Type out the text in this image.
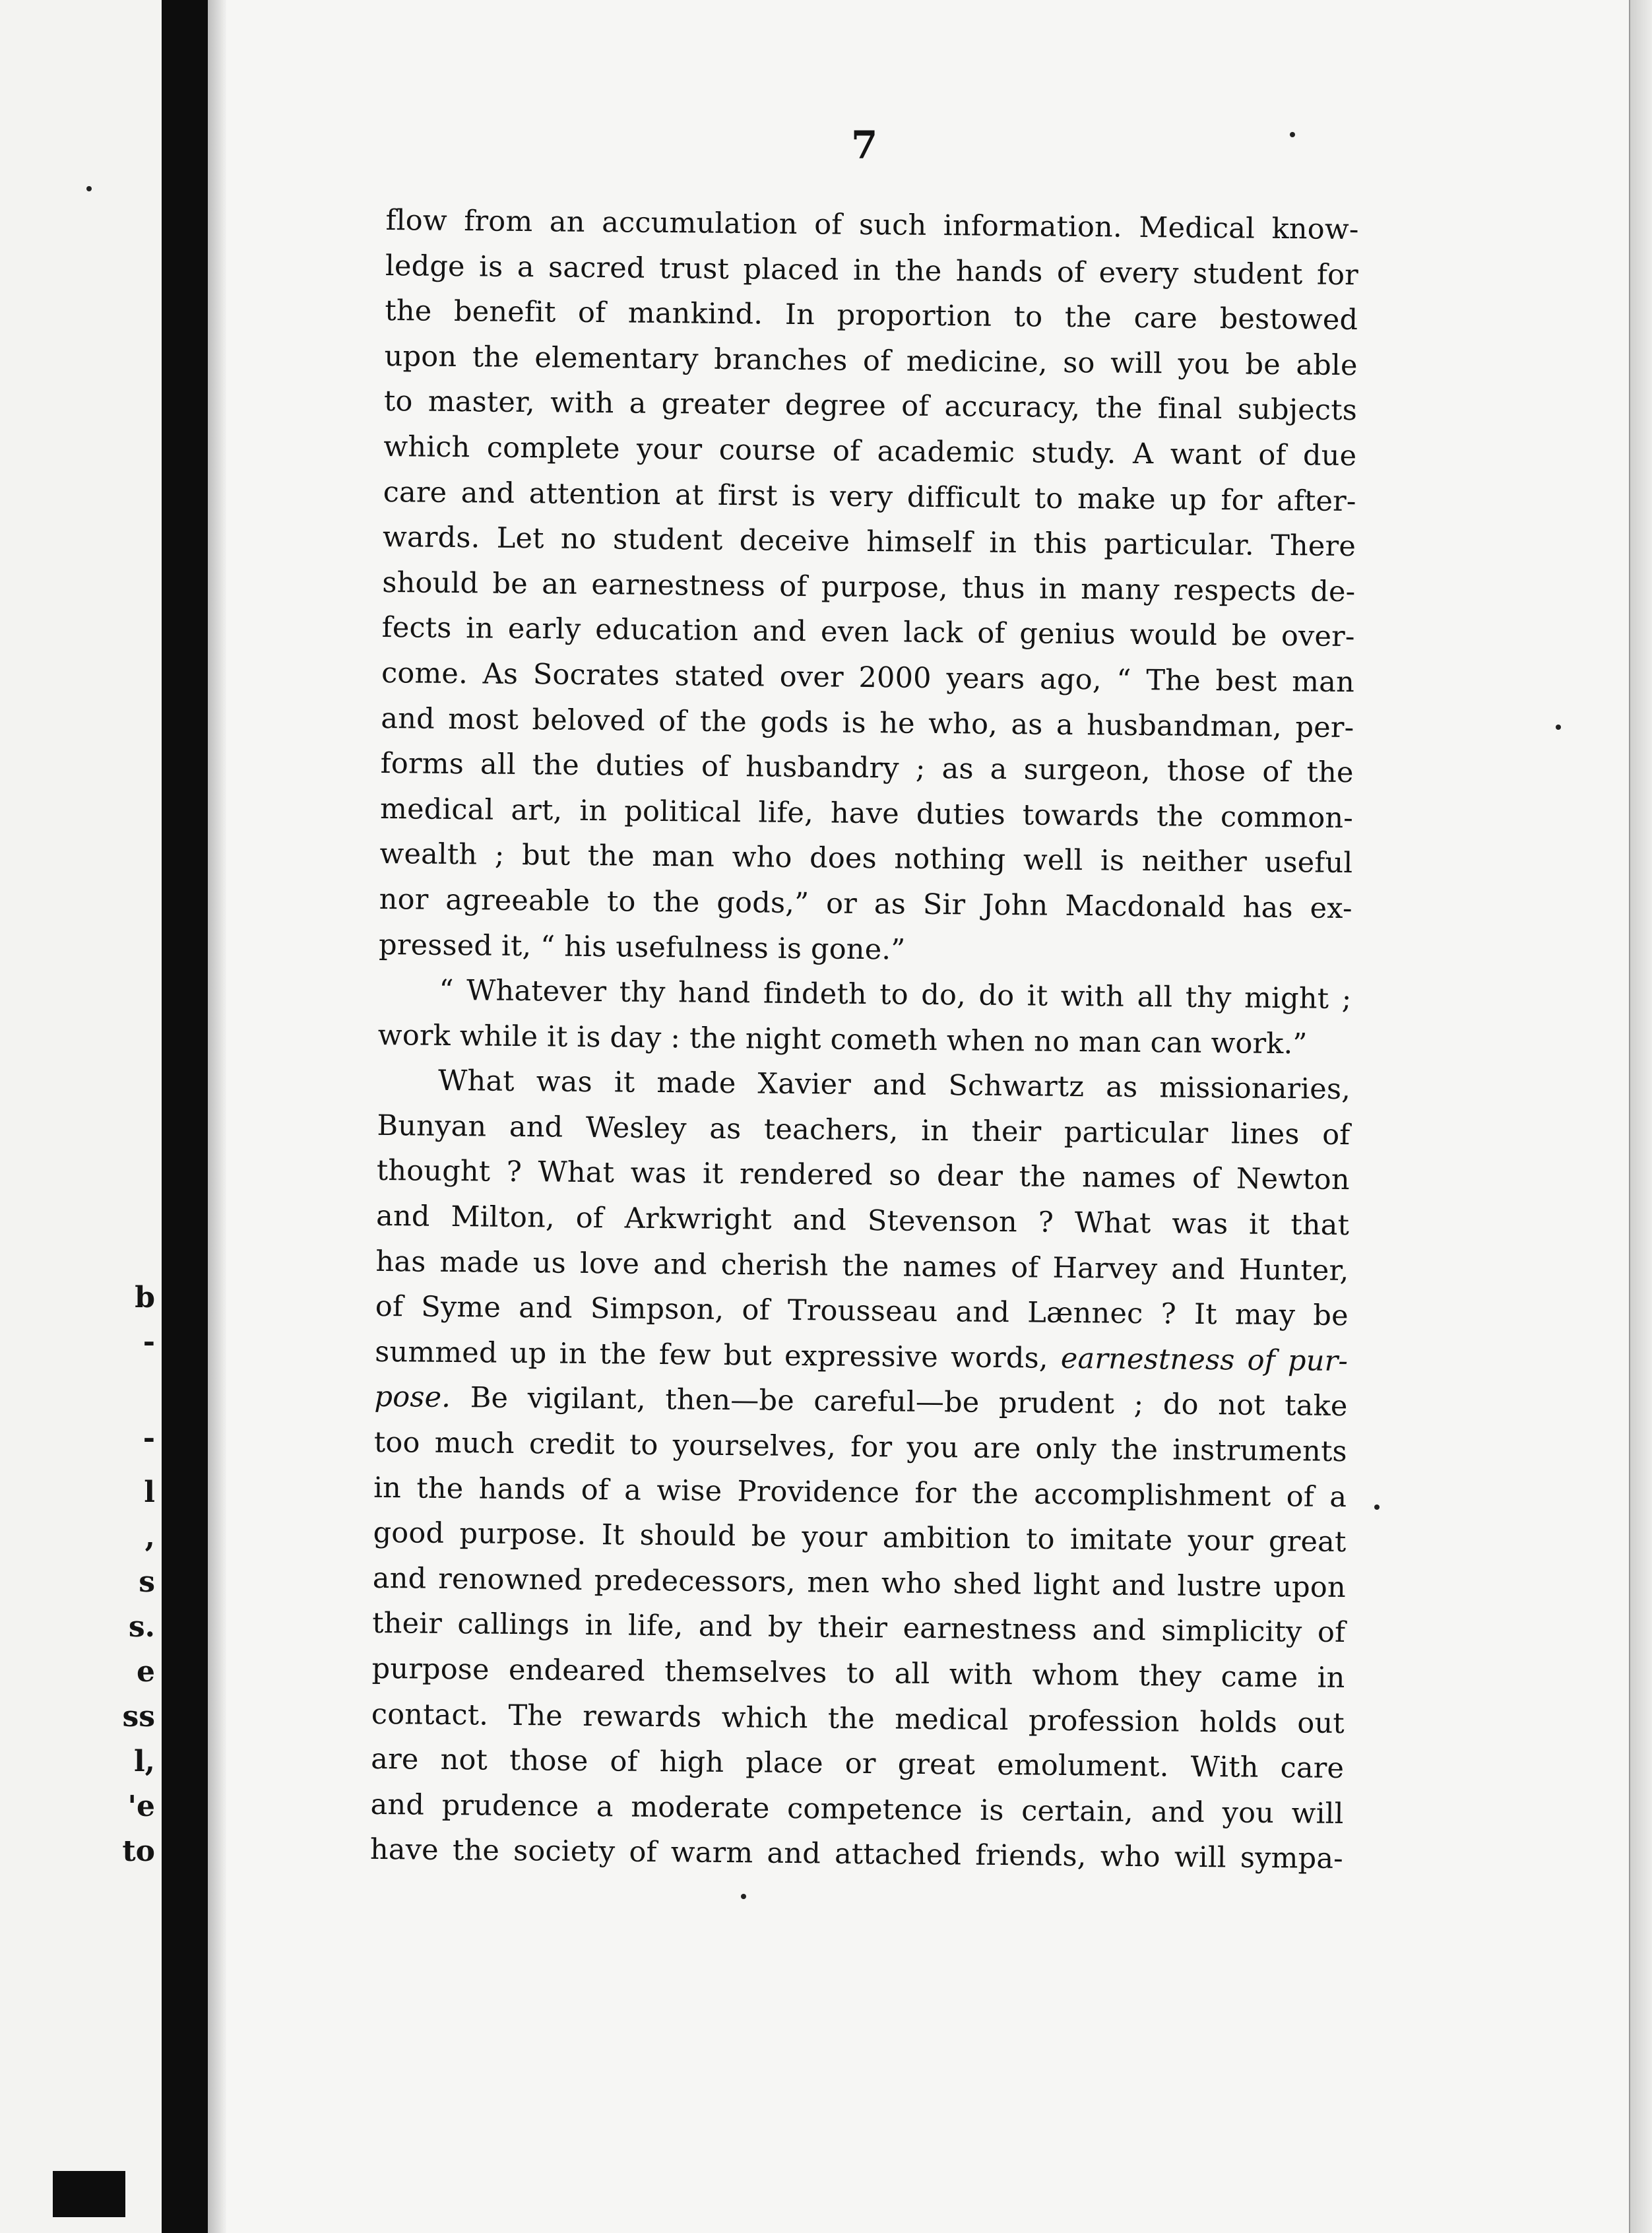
b
-
-
l
,
s
s.
e
ss
l,
'e
to
7
flow from an accumulation of such information. Medical know-
ledge is a sacred trust placed in the hands of every student for
the benefit of mankind. In proportion to the care bestowed
upon the elementary branches of medicine, so will you be able
to master, with a greater degree of accuracy, the final subjects
which complete your course of academic study. A want of due
care and attention at first is very difficult to make up for after-
wards. Let no student deceive himself in this particular. There
should be an earnestness of purpose, thus in many respects de-
fects in early education and even lack of genius would be over-
come. As Socrates stated over 2000 years ago, “ The best man
and most beloved of the gods is he who, as a husbandman, per-
forms all the duties of husbandry ; as a surgeon, those of the
medical art, in political life, have duties towards the common-
wealth ; but the man who does nothing well is neither useful
nor agreeable to the gods,” or as Sir John Macdonald has ex-
pressed it, “ his usefulness is gone.”
“ Whatever thy hand findeth to do, do it with all thy might ;
work while it is day : the night cometh when no man can work.”
What was it made Xavier and Schwartz as missionaries,
Bunyan and Wesley as teachers, in their particular lines of
thought ? What was it rendered so dear the names of Newton
and Milton, of Arkwright and Stevenson ? What was it that
has made us love and cherish the names of Harvey and Hunter,
of Syme and Simpson, of Trousseau and Lænnec ? It may be
summed up in the few but expressive words, earnestness of pur-
pose. Be vigilant, then—be careful—be prudent ; do not take
too much credit to yourselves, for you are only the instruments
in the hands of a wise Providence for the accomplishment of a
good purpose. It should be your ambition to imitate your great
and renowned predecessors, men who shed light and lustre upon
their callings in life, and by their earnestness and simplicity of
purpose endeared themselves to all with whom they came in
contact. The rewards which the medical profession holds out
are not those of high place or great emolument. With care
and prudence a moderate competence is certain, and you will
have the society of warm and attached friends, who will sympa-
